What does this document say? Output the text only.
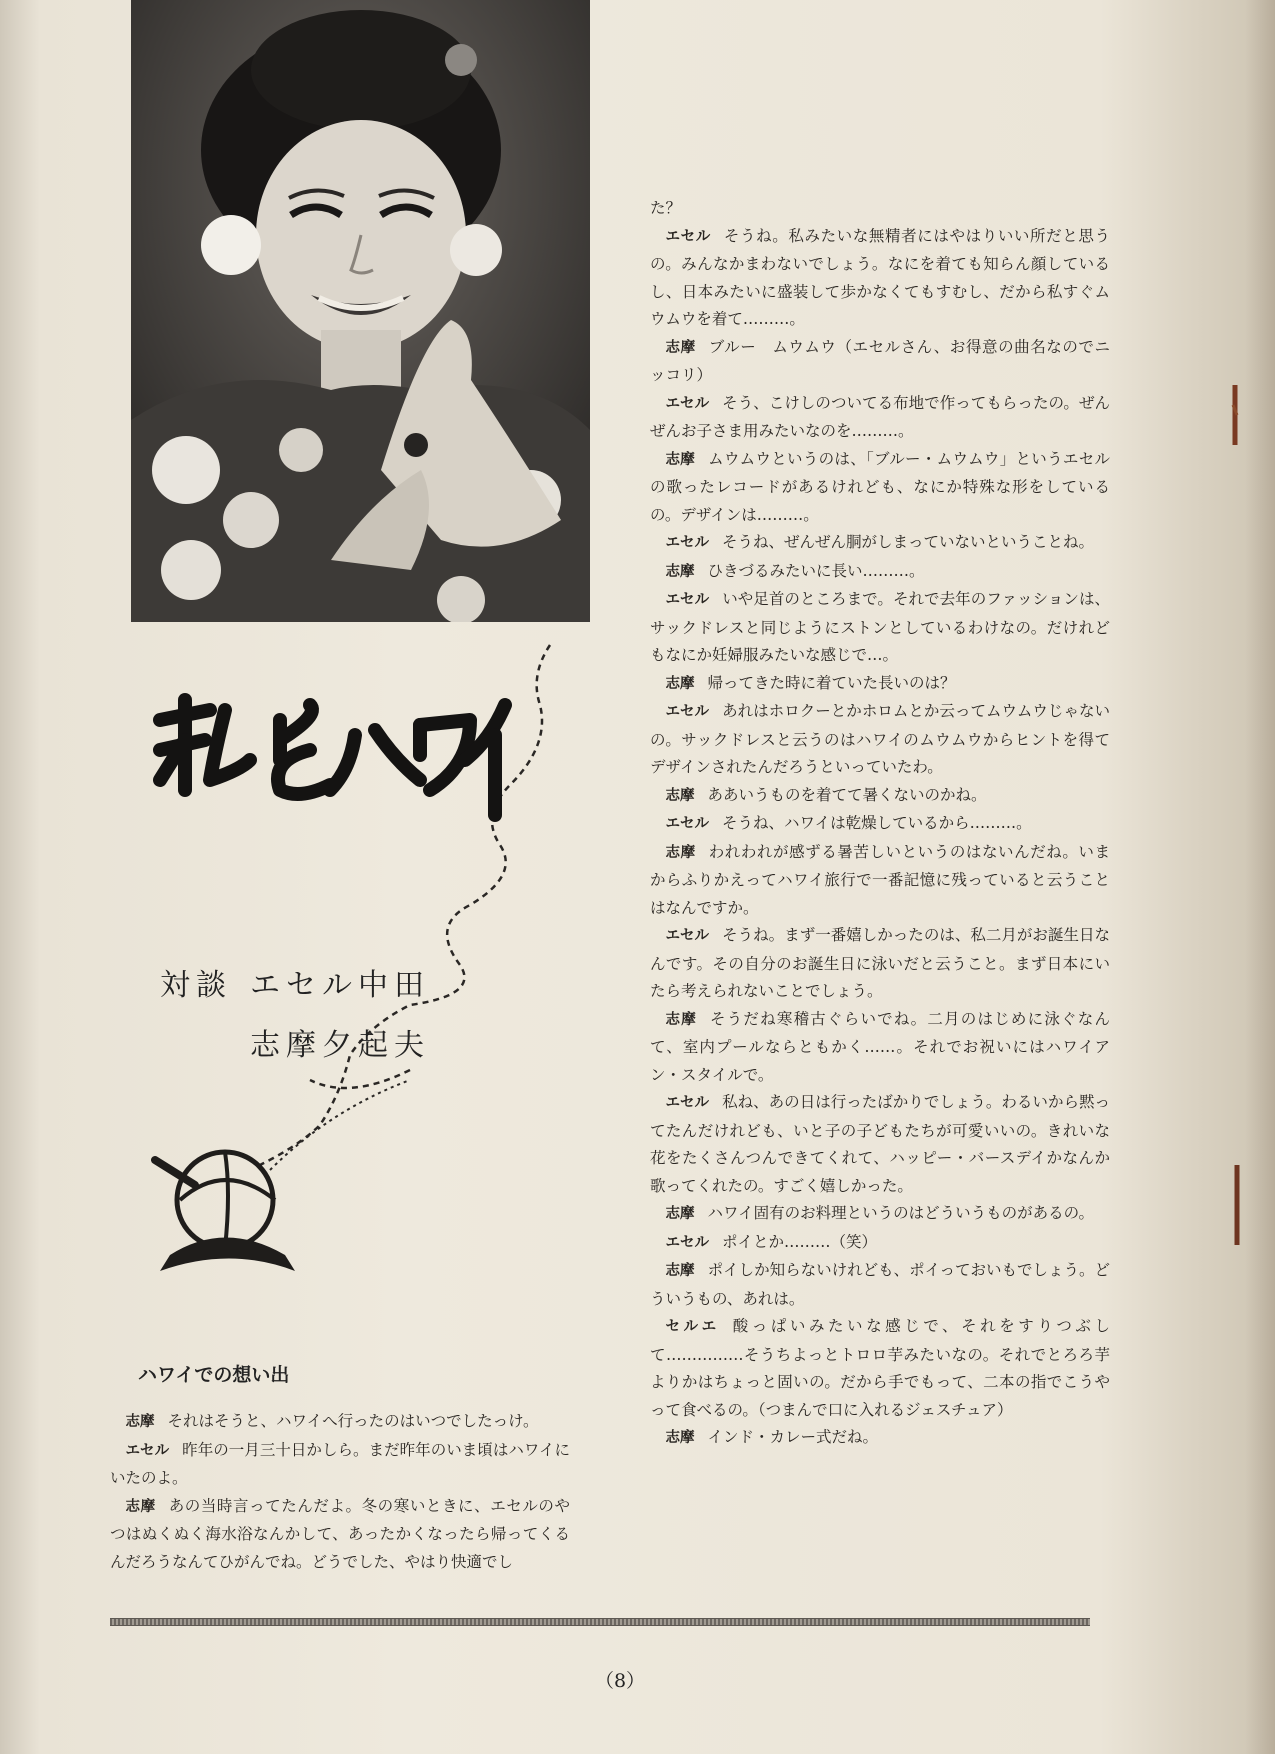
対談 エセル中田
志摩夕起夫
ハワイでの想い出

志摩 それはそうと、ハワイへ行ったのはいつでしたっけ。

エセル 昨年の一月三十日かしら。まだ昨年のいま頃はハワイにいたのよ。

志摩 あの当時言ってたんだよ。冬の寒いときに、エセルのやつはぬくぬく海水浴なんかして、あったかくなったら帰ってくるんだろうなんてひがんでね。どうでした、やはり快適でし

た？

エセル そうね。私みたいな無精者にはやはりいい所だと思うの。みんなかまわないでしょう。なにを着ても知らん顔しているし、日本みたいに盛装して歩かなくてもすむし、だから私すぐムウムウを着て………。

志摩 ブルー　ムウムウ（エセルさん、お得意の曲名なのでニッコリ）

エセル そう、こけしのついてる布地で作ってもらったの。ぜんぜんお子さま用みたいなのを………。

志摩 ムウムウというのは、「ブルー・ムウムウ」というエセルの歌ったレコードがあるけれども、なにか特殊な形をしているの。デザインは………。

エセル そうね、ぜんぜん胴がしまっていないということね。

志摩 ひきづるみたいに長い………。

エセル いや足首のところまで。それで去年のファッションは、サックドレスと同じようにストンとしているわけなの。だけれどもなにか妊婦服みたいな感じで…。

志摩 帰ってきた時に着ていた長いのは？

エセル あれはホロクーとかホロムとか云ってムウムウじゃないの。サックドレスと云うのはハワイのムウムウからヒントを得てデザインされたんだろうといっていたわ。

志摩 ああいうものを着てて暑くないのかね。

エセル そうね、ハワイは乾燥しているから………。

志摩 われわれが感ずる暑苦しいというのはないんだね。いまからふりかえってハワイ旅行で一番記憶に残っていると云うことはなんですか。

エセル そうね。まず一番嬉しかったのは、私二月がお誕生日なんです。その自分のお誕生日に泳いだと云うこと。まず日本にいたら考えられないことでしょう。

志摩 そうだね寒稽古ぐらいでね。二月のはじめに泳ぐなんて、室内プールならともかく……。それでお祝いにはハワイアン・スタイルで。

エセル 私ね、あの日は行ったばかりでしょう。わるいから黙ってたんだけれども、いと子の子どもたちが可愛いいの。きれいな花をたくさんつんできてくれて、ハッピー・バースデイかなんか歌ってくれたの。すごく嬉しかった。

志摩 ハワイ固有のお料理というのはどういうものがあるの。

エセル ポイとか………（笑）

志摩 ポイしか知らないけれども、ポイっておいもでしょう。どういうもの、あれは。

セルエ 酸っぱいみたいな感じで、それをすりつぶして……………そうちよっとトロロ芋みたいなの。それでとろろ芋よりかはちょっと固いの。だから手でもって、二本の指でこうやって食べるの。（つまんで口に入れるジェスチュア）

志摩 インド・カレー式だね。

（8）
